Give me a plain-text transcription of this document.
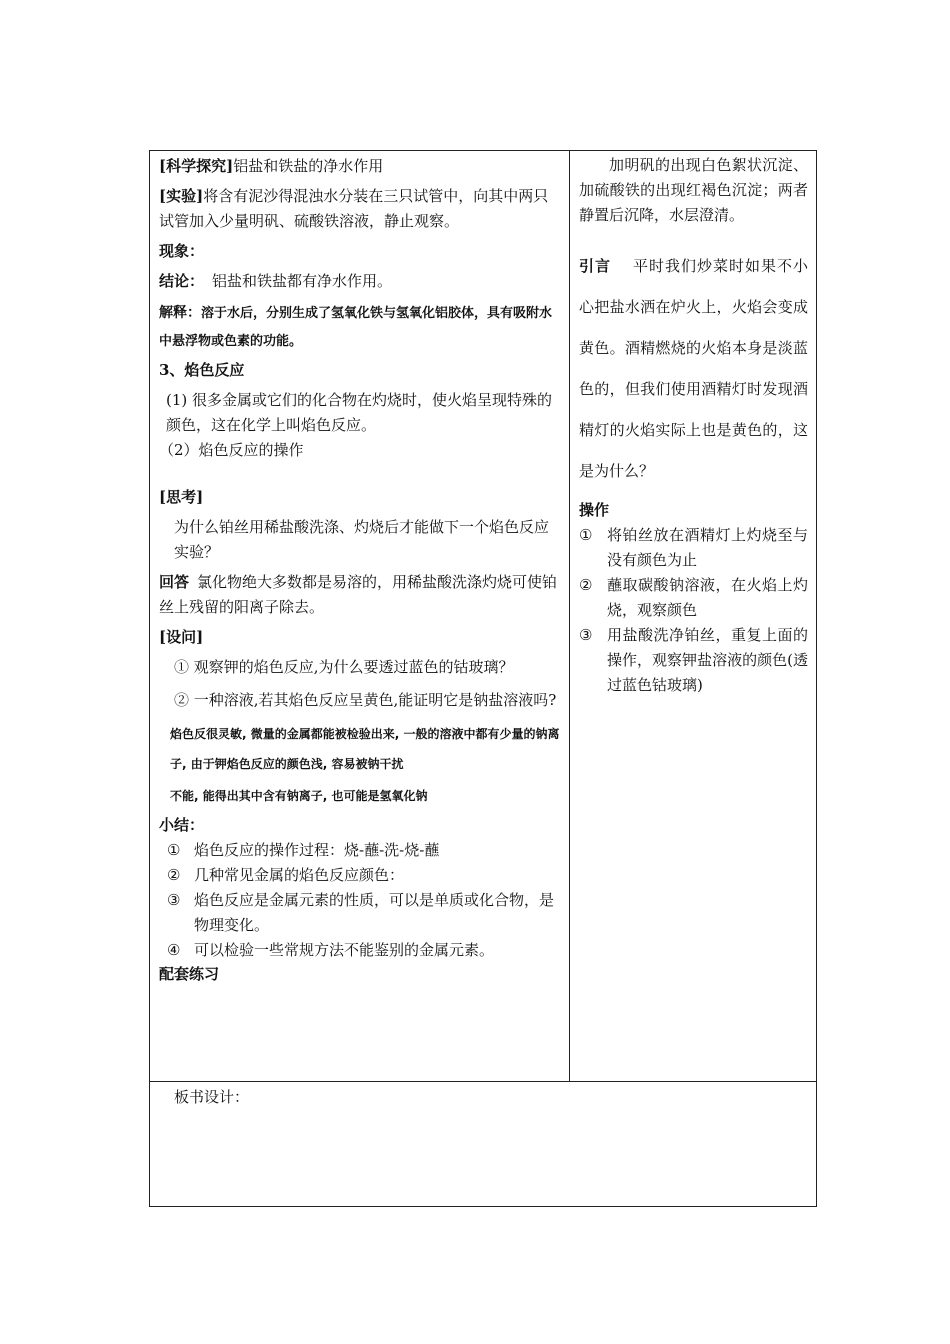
[科学探究]铝盐和铁盐的净水作用

[实验]将含有泥沙得混浊水分装在三只试管中，向其中两只试管加入少量明矾、硫酸铁溶液，静止观察。

现象：

结论： 铝盐和铁盐都有净水作用。

解释：溶于水后，分别生成了氢氧化铁与氢氧化铝胶体，具有吸附水中悬浮物或色素的功能。

3、焰色反应

(1) 很多金属或它们的化合物在灼烧时，使火焰呈现特殊的颜色，这在化学上叫焰色反应。

（2）焰色反应的操作

[思考]

为什么铂丝用稀盐酸洗涤、灼烧后才能做下一个焰色反应实验？

回答 氯化物绝大多数都是易溶的，用稀盐酸洗涤灼烧可使铂丝上残留的阳离子除去。

[设问]

① 观察钾的焰色反应,为什么要透过蓝色的钴玻璃？

② 一种溶液,若其焰色反应呈黄色,能证明它是钠盐溶液吗?

焰色反很灵敏, 微量的金属都能被检验出来, 一般的溶液中都有少量的钠离子, 由于钾焰色反应的颜色浅, 容易被钠干扰

不能, 能得出其中含有钠离子, 也可能是氢氧化钠

小结：

① 焰色反应的操作过程：烧-蘸-洗-烧-蘸
② 几种常见金属的焰色反应颜色：
③ 焰色反应是金属元素的性质，可以是单质或化合物，是物理变化。
④ 可以检验一些常规方法不能鉴别的金属元素。

配套练习

加明矾的出现白色絮状沉淀、加硫酸铁的出现红褐色沉淀；两者静置后沉降，水层澄清。

引言 平时我们炒菜时如果不小心把盐水洒在炉火上，火焰会变成黄色。酒精燃烧的火焰本身是淡蓝色的，但我们使用酒精灯时发现酒精灯的火焰实际上也是黄色的，这是为什么？

操作

① 将铂丝放在酒精灯上灼烧至与没有颜色为止
② 蘸取碳酸钠溶液，在火焰上灼烧，观察颜色
③ 用盐酸洗净铂丝，重复上面的操作，观察钾盐溶液的颜色(透过蓝色钴玻璃)

板书设计：
